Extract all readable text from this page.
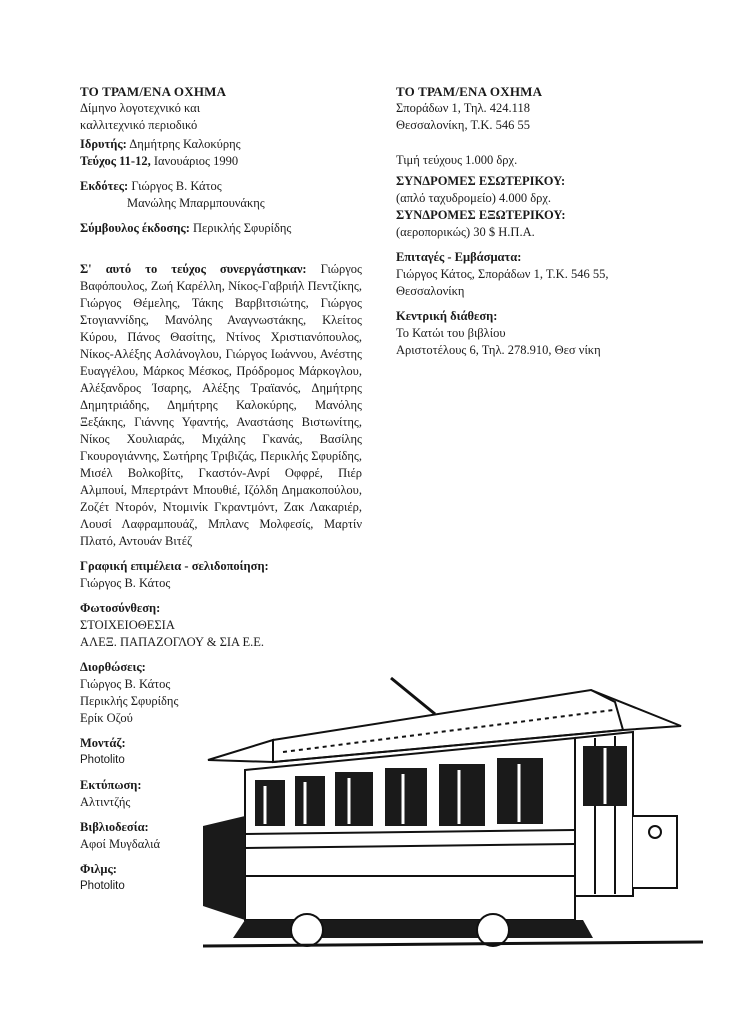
ΤΟ ΤΡΑΜ/ΕΝΑ ΟΧΗΜΑ
Δίμηνο λογοτεχνικό και
καλλιτεχνικό περιοδικό
Ιδρυτής: Δημήτρης Καλοκύρης
Τεύχος 11-12, Ιανουάριος 1990
Εκδότες: Γιώργος Β. Κάτος
Μανώλης Μπαρμπουνάκης
Σύμβουλος έκδοσης: Περικλής Σφυρίδης
Σ' αυτό το τεύχος συνεργάστηκαν: Γιώργος Βαφόπουλος, Ζωή Καρέλλη, Νίκος-Γαβριήλ Πεντζίκης, Γιώργος Θέμελης, Τάκης Βαρβιτσιώτης, Γιώργος Στογιαννίδης, Μανόλης Αναγνωστάκης, Κλείτος Κύρου, Πάνος Θασίτης, Ντίνος Χριστιανόπουλος, Νίκος-Αλέξης Ασλάνογλου, Γιώργος Ιωάννου, Ανέστης Ευαγγέλου, Μάρκος Μέσκος, Πρόδρομος Μάρκογλου, Αλέξανδρος Ίσαρης, Αλέξης Τραϊανός, Δημήτρης Δημητριάδης, Δημήτρης Καλοκύρης, Μανόλης Ξεξάκης, Γιάννης Υφαντής, Αναστάσης Βιστωνίτης, Νίκος Χουλιαράς, Μιχάλης Γκανάς, Βασίλης Γκουρογιάννης, Σωτήρης Τριβιζάς, Περικλής Σφυρίδης, Μισέλ Βολκοβίτς, Γκαστόν-Ανρί Οφφρέ, Πιέρ Αλμπουί, Μπερτράντ Μπουθιέ, Ιζόλδη Δημακοπούλου, Ζοζέτ Ντορόν, Ντομινίκ Γκραντμόντ, Ζακ Λακαριέρ, Λουσί Λαφραμπουάζ, Μπλανς Μολφεσίς, Μαρτίν Πλατό, Αντουάν Βιτέζ
Γραφική επιμέλεια - σελιδοποίηση:
Γιώργος Β. Κάτος
Φωτοσύνθεση:
ΣΤΟΙΧΕΙΟΘΕΣΙΑ
ΑΛΕΞ. ΠΑΠΑΖΟΓΛΟΥ & ΣΙΑ Ε.Ε.
Διορθώσεις:
Γιώργος Β. Κάτος
Περικλής Σφυρίδης
Ερίκ Οζού
Μοντάζ:
Photolito
Εκτύπωση:
Αλτιντζής
Βιβλιοδεσία:
Αφοί Μυγδαλιά
Φιλμς:
Photolito
ΤΟ ΤΡΑΜ/ΕΝΑ ΟΧΗΜΑ
Σποράδων 1, Τηλ. 424.118
Θεσσαλονίκη, Τ.Κ. 546 55
Τιμή τεύχους 1.000 δρχ.
ΣΥΝΔΡΟΜΕΣ ΕΣΩΤΕΡΙΚΟΥ:
(απλό ταχυδρομείο) 4.000 δρχ.
ΣΥΝΔΡΟΜΕΣ ΕΞΩΤΕΡΙΚΟΥ:
(αεροπορικώς) 30 $ Η.Π.Α.
Επιταγές - Εμβάσματα:
Γιώργος Κάτος, Σποράδων 1, Τ.Κ. 546 55,
Θεσσαλονίκη
Κεντρική διάθεση:
Το Κατώι του βιβλίου
Αριστοτέλους 6, Τηλ. 278.910, Θεσ νίκη
